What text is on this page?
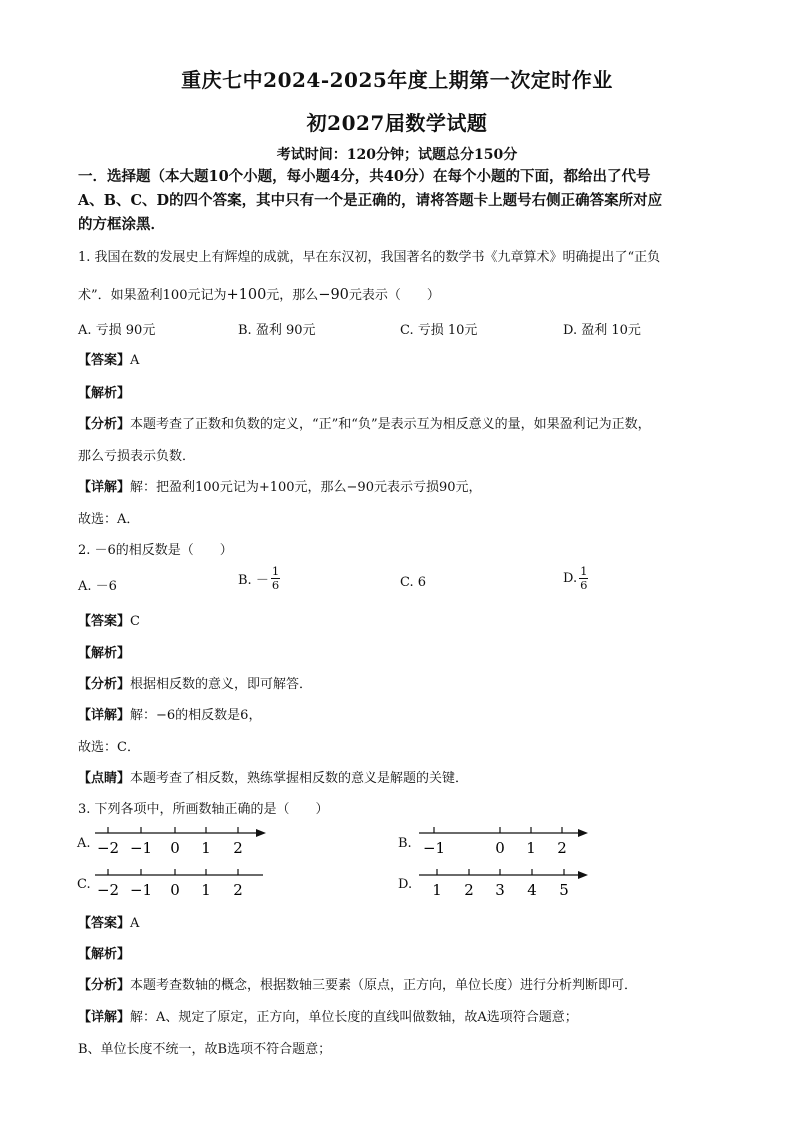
重庆七中2024-2025年度上期第一次定时作业
初2027届数学试题
考试时间：120分钟；试题总分150分
一．选择题（本大题10个小题，每小题4分，共40分）在每个小题的下面，都给出了代号
A、B、C、D的四个答案，其中只有一个是正确的，请将答题卡上题号右侧正确答案所对应
的方框涂黑．
1. 我国在数的发展史上有辉煌的成就，早在东汉初，我国著名的数学书《九章算术》明确提出了“正负
术”．如果盈利100元记为+100元，那么−90元表示（　　）
A. 亏损 90元	B. 盈利 90元	C. 亏损 10元	D. 盈利 10元
【答案】A
【解析】
【分析】本题考查了正数和负数的定义，“正”和“负”是表示互为相反意义的量，如果盈利记为正数，
那么亏损表示负数．
【详解】解：把盈利100元记为+100元，那么−90元表示亏损90元，
故选：A．
2. －6的相反数是（　　）
A. －6	B. － $\frac{1}{6}$	C. 6	D. $\frac{1}{6}$
【答案】C
【解析】
【分析】根据相反数的意义，即可解答．
【详解】解：−6的相反数是6，
故选：C．
【点睛】本题考查了相反数，熟练掌握相反数的意义是解题的关键．
3. 下列各项中，所画数轴正确的是（　　）
A. −2 −1 0 1 2	B. −1	0 1 2
C. −2 −1 0 1 2	D. 1 2 3 4 5
【答案】A
【解析】
【分析】本题考查数轴的概念，根据数轴三要素（原点，正方向，单位长度）进行分析判断即可．
【详解】解：A、规定了原定，正方向，单位长度的直线叫做数轴，故A选项符合题意；
B、单位长度不统一，故B选项不符合题意；
